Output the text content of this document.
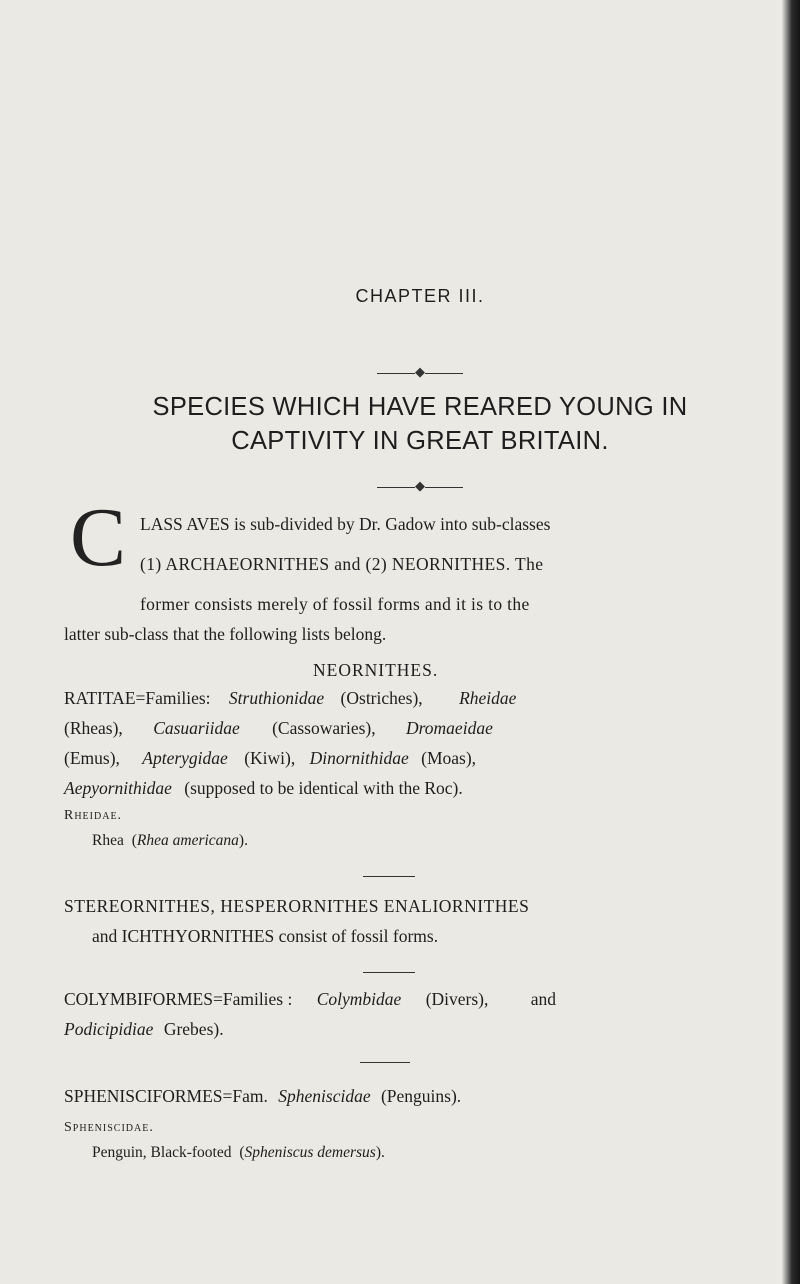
CHAPTER III.
◆
SPECIES WHICH HAVE REARED YOUNG IN
CAPTIVITY IN GREAT BRITAIN.
◆
C LASS AVES is sub-divided by Dr. Gadow into sub-classes
(1) ARCHAEORNITHES and (2) NEORNITHES. The
former consists merely of fossil forms and it is to the
latter sub-class that the following lists belong.
NEORNITHES.
RATITAE=Families: Struthionidae (Ostriches), Rheidae
(Rheas), Casuariidae (Cassowaries), Dromaeidae
(Emus), Apterygidae (Kiwi), Dinornithidae (Moas),
Aepyornithidae (supposed to be identical with the Roc).
Rheidae.
Rhea (Rhea americana).
STEREORNITHES, HESPERORNITHES ENALIORNITHES
and ICHTHYORNITHES consist of fossil forms.
COLYMBIFORMES=Families : Colymbidae (Divers), and
Podicipidiae Grebes).
SPHENISCIFORMES=Fam. Spheniscidae (Penguins).
Spheniscidae.
Penguin, Black-footed (Spheniscus demersus).
